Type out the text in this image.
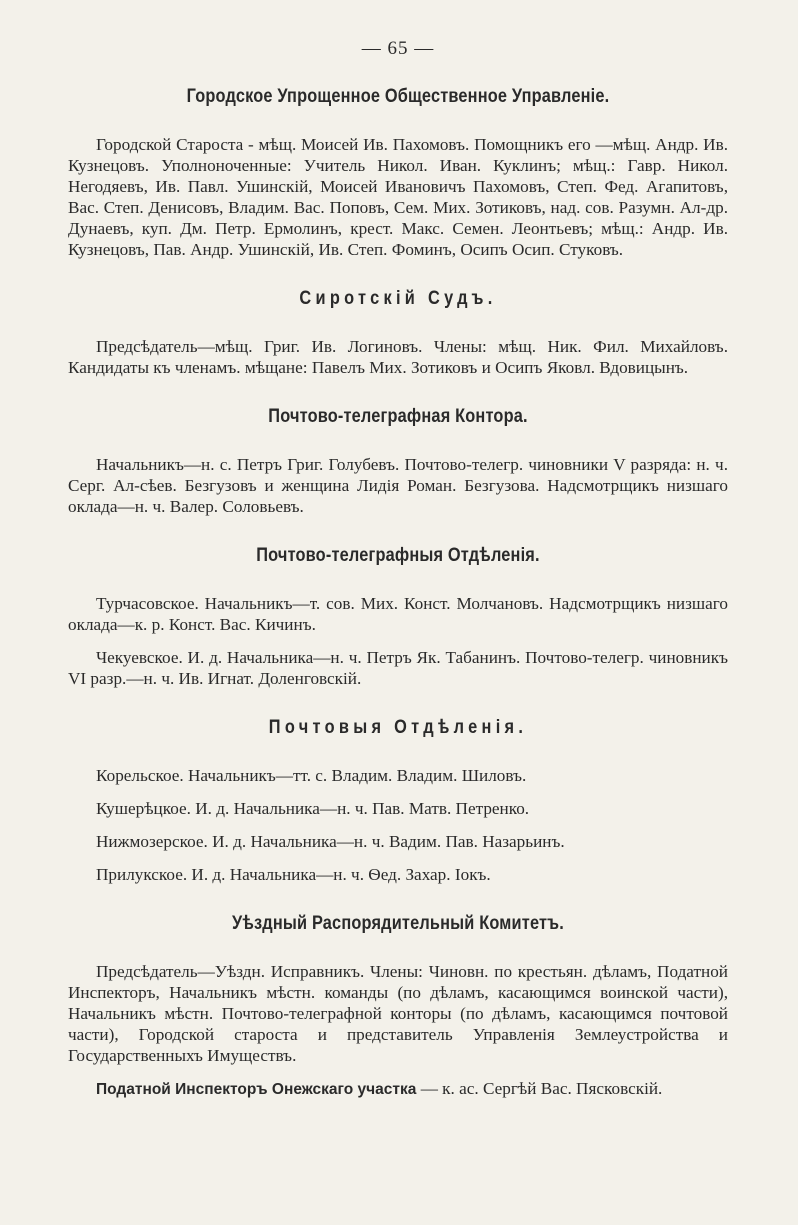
— 65 —
Городское Упрощенное Общественное Управленіе.

Городской Староста - мѣщ. Моисей Ив. Пахомовъ. Помощникъ его —мѣщ. Андр. Ив. Кузнецовъ. Уполноноченные: Учитель Никол. Иван. Куклинъ; мѣщ.: Гавр. Никол. Негодяевъ, Ив. Павл. Ушинскій, Моисей Ивановичъ Пахомовъ, Степ. Фед. Агапитовъ, Вас. Степ. Денисовъ, Владим. Вас. Поповъ, Сем. Мих. Зотиковъ, над. сов. Разумн. Ал-др. Дунаевъ, куп. Дм. Петр. Ермолинъ, крест. Макс. Семен. Леонтьевъ; мѣщ.: Андр. Ив. Кузнецовъ, Пав. Андр. Ушинскій, Ив. Степ. Фоминъ, Осипъ Осип. Стуковъ.

Сиротскій Судъ.

Предсѣдатель—мѣщ. Григ. Ив. Логиновъ. Члены: мѣщ. Ник. Фил. Михайловъ. Кандидаты къ членамъ. мѣщане: Павелъ Мих. Зотиковъ и Осипъ Яковл. Вдовицынъ.

Почтово-телеграфная Контора.

Начальникъ—н. с. Петръ Григ. Голубевъ. Почтово-телегр. чиновники V разряда: н. ч. Серг. Ал-сѣев. Безгузовъ и женщина Лидія Роман. Безгузова. Надсмотрщикъ низшаго оклада—н. ч. Валер. Соловьевъ.

Почтово-телеграфныя Отдѣленія.

Турчасовское. Начальникъ—т. сов. Мих. Конст. Молчановъ. Надсмотрщикъ низшаго оклада—к. р. Конст. Вас. Кичинъ.

Чекуевское. И. д. Начальника—н. ч. Петръ Як. Табанинъ. Почтово-телегр. чиновникъ VI разр.—н. ч. Ив. Игнат. Доленговскій.

Почтовыя Отдѣленія.

Корельское. Начальникъ—тт. с. Владим. Владим. Шиловъ.

Кушерѣцкое. И. д. Начальника—н. ч. Пав. Матв. Петренко.

Нижмозерское. И. д. Начальника—н. ч. Вадим. Пав. Назарьинъ.

Прилукское. И. д. Начальника—н. ч. Ѳед. Захар. Іокъ.

Уѣздный Распорядительный Комитетъ.

Предсѣдатель—Уѣздн. Исправникъ. Члены: Чиновн. по крестьян. дѣламъ, Податной Инспекторъ, Начальникъ мѣстн. команды (по дѣламъ, касающимся воинской части), Начальникъ мѣстн. Почтово-телеграфной конторы (по дѣламъ, касающимся почтовой части), Городской староста и представитель Управленія Землеустройства и Государственныхъ Имуществъ.

Податной Инспекторъ Онежскаго участка — к. ас. Сергѣй Вас. Пясковскій.
